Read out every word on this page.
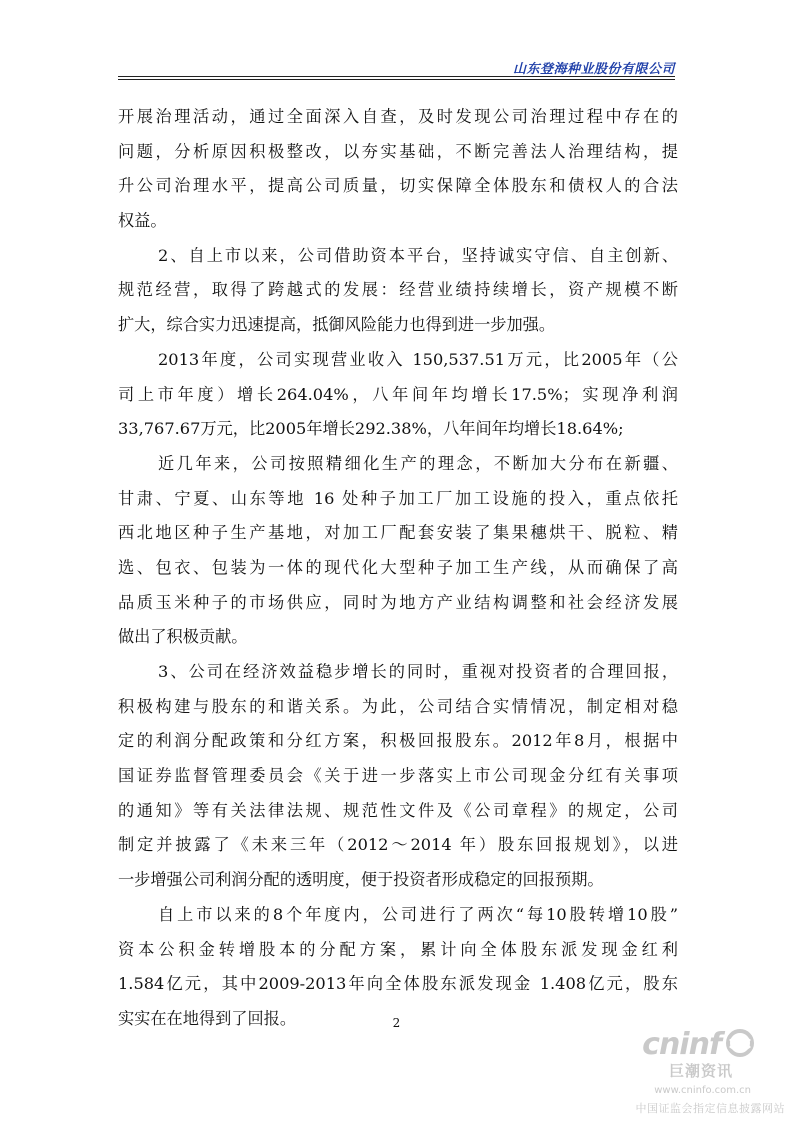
山东登海种业股份有限公司
开展治理活动，通过全面深入自查，及时发现公司治理过程中存在的
问题，分析原因积极整改，以夯实基础，不断完善法人治理结构，提
升公司治理水平，提高公司质量，切实保障全体股东和债权人的合法
权益。
2、自上市以来，公司借助资本平台，坚持诚实守信、自主创新、
规范经营，取得了跨越式的发展：经营业绩持续增长，资产规模不断
扩大，综合实力迅速提高，抵御风险能力也得到进一步加强。
2013年度，公司实现营业收入 150,537.51万元，比2005年（公
司上市年度）增长264.04%，八年间年均增长17.5%；实现净利润
33,767.67万元，比2005年增长292.38%，八年间年均增长18.64%;
近几年来，公司按照精细化生产的理念，不断加大分布在新疆、
甘肃、宁夏、山东等地 16 处种子加工厂加工设施的投入，重点依托
西北地区种子生产基地，对加工厂配套安装了集果穗烘干、脱粒、精
选、包衣、包装为一体的现代化大型种子加工生产线，从而确保了高
品质玉米种子的市场供应，同时为地方产业结构调整和社会经济发展
做出了积极贡献。
3、公司在经济效益稳步增长的同时，重视对投资者的合理回报，
积极构建与股东的和谐关系。为此，公司结合实情情况，制定相对稳
定的利润分配政策和分红方案，积极回报股东。2012年8月，根据中
国证券监督管理委员会《关于进一步落实上市公司现金分红有关事项
的通知》等有关法律法规、规范性文件及《公司章程》的规定，公司
制定并披露了《未来三年（2012～2014 年）股东回报规划》，以进
一步增强公司利润分配的透明度，便于投资者形成稳定的回报预期。
自上市以来的8个年度内，公司进行了两次“每10股转增10股”
资本公积金转增股本的分配方案，累计向全体股东派发现金红利
1.584亿元，其中2009-2013年向全体股东派发现金 1.408亿元，股东
实实在在地得到了回报。	2
cninf
巨潮资讯
www.cninfo.com.cn
中国证监会指定信息披露网站
